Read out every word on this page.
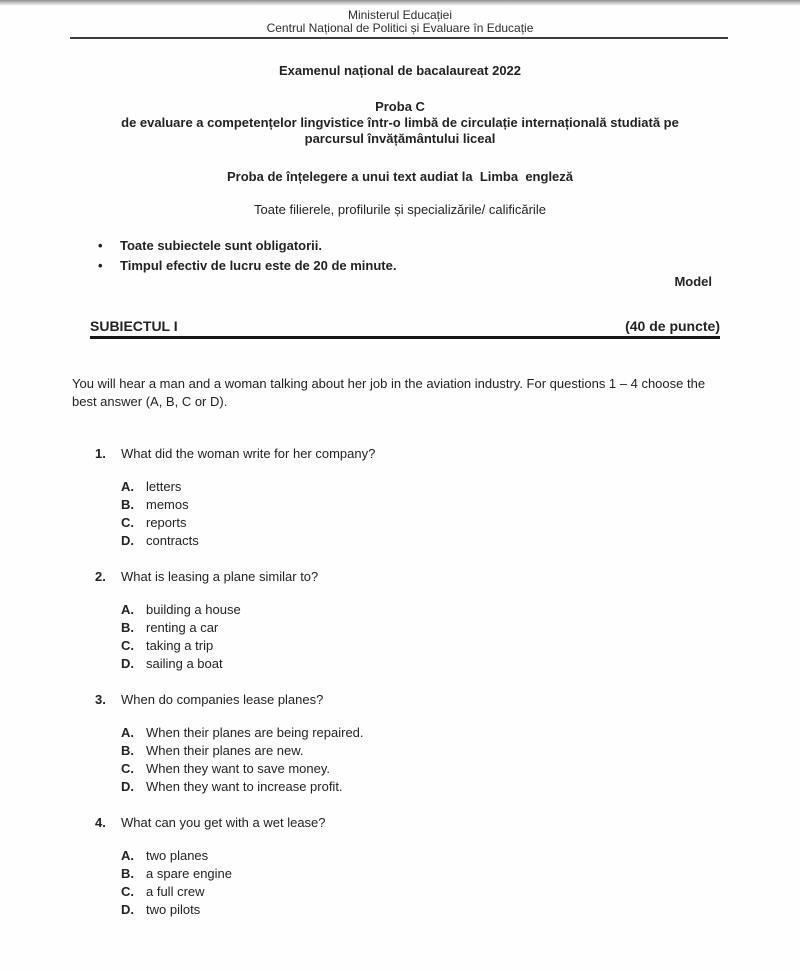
Ministerul Educației
Centrul Național de Politici și Evaluare în Educație
Examenul național de bacalaureat 2022
Proba C
de evaluare a competențelor lingvistice într-o limbă de circulație internațională studiată pe
parcursul învățământului liceal
Proba de înțelegere a unui text audiat la  Limba  engleză
Toate filierele, profilurile și specializările/ calificările
•	Toate subiectele sunt obligatorii.
•	Timpul efectiv de lucru este de 20 de minute.
Model
SUBIECTUL I	(40 de puncte)
You will hear a man and a woman talking about her job in the aviation industry. For questions 1 – 4 choose the best answer (A, B, C or D).
1.	What did the woman write for her company?
A. letters
B. memos
C. reports
D. contracts
2.	What is leasing a plane similar to?
A. building a house
B. renting a car
C. taking a trip
D. sailing a boat
3.	When do companies lease planes?
A. When their planes are being repaired.
B. When their planes are new.
C. When they want to save money.
D. When they want to increase profit.
4.	What can you get with a wet lease?
A. two planes
B. a spare engine
C. a full crew
D. two pilots
